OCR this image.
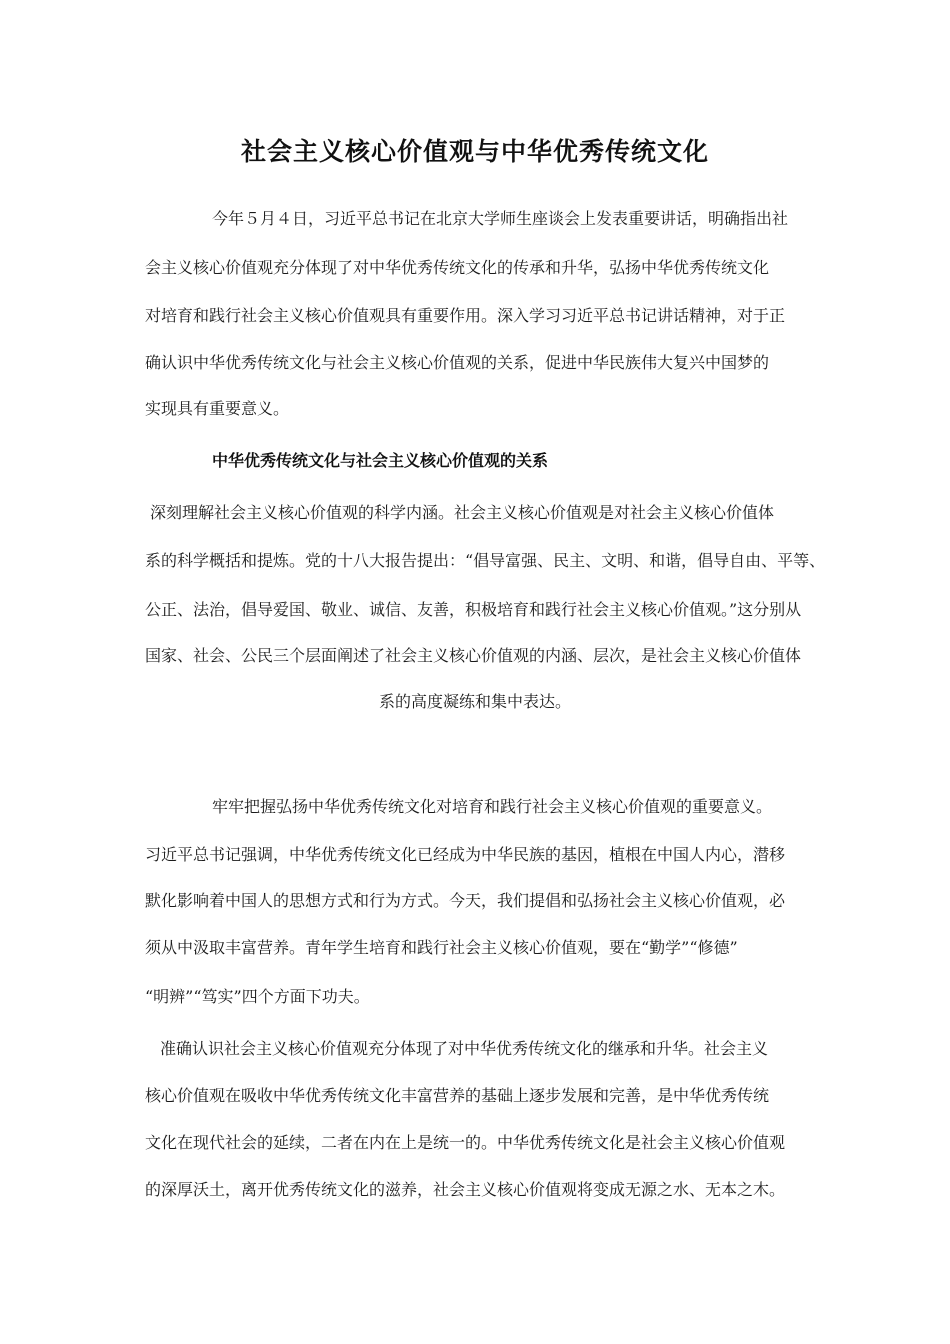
社会主义核心价值观与中华优秀传统文化
今年５月４日，习近平总书记在北京大学师生座谈会上发表重要讲话，明确指出社
会主义核心价值观充分体现了对中华优秀传统文化的传承和升华，弘扬中华优秀传统文化
对培育和践行社会主义核心价值观具有重要作用。深入学习习近平总书记讲话精神，对于正
确认识中华优秀传统文化与社会主义核心价值观的关系，促进中华民族伟大复兴中国梦的
实现具有重要意义。
中华优秀传统文化与社会主义核心价值观的关系
深刻理解社会主义核心价值观的科学内涵。社会主义核心价值观是对社会主义核心价值体
系的科学概括和提炼。党的十八大报告提出：“倡导富强、民主、文明、和谐，倡导自由、平等、
公正、法治，倡导爱国、敬业、诚信、友善，积极培育和践行社会主义核心价值观。”这分别从
国家、社会、公民三个层面阐述了社会主义核心价值观的内涵、层次，是社会主义核心价值体
系的高度凝练和集中表达。
牢牢把握弘扬中华优秀传统文化对培育和践行社会主义核心价值观的重要意义。
习近平总书记强调，中华优秀传统文化已经成为中华民族的基因，植根在中国人内心，潜移
默化影响着中国人的思想方式和行为方式。今天，我们提倡和弘扬社会主义核心价值观，必
须从中汲取丰富营养。青年学生培育和践行社会主义核心价值观，要在“勤学”“修德”
“明辨”“笃实”四个方面下功夫。
准确认识社会主义核心价值观充分体现了对中华优秀传统文化的继承和升华。社会主义
核心价值观在吸收中华优秀传统文化丰富营养的基础上逐步发展和完善，是中华优秀传统
文化在现代社会的延续，二者在内在上是统一的。中华优秀传统文化是社会主义核心价值观
的深厚沃土，离开优秀传统文化的滋养，社会主义核心价值观将变成无源之水、无本之木。
